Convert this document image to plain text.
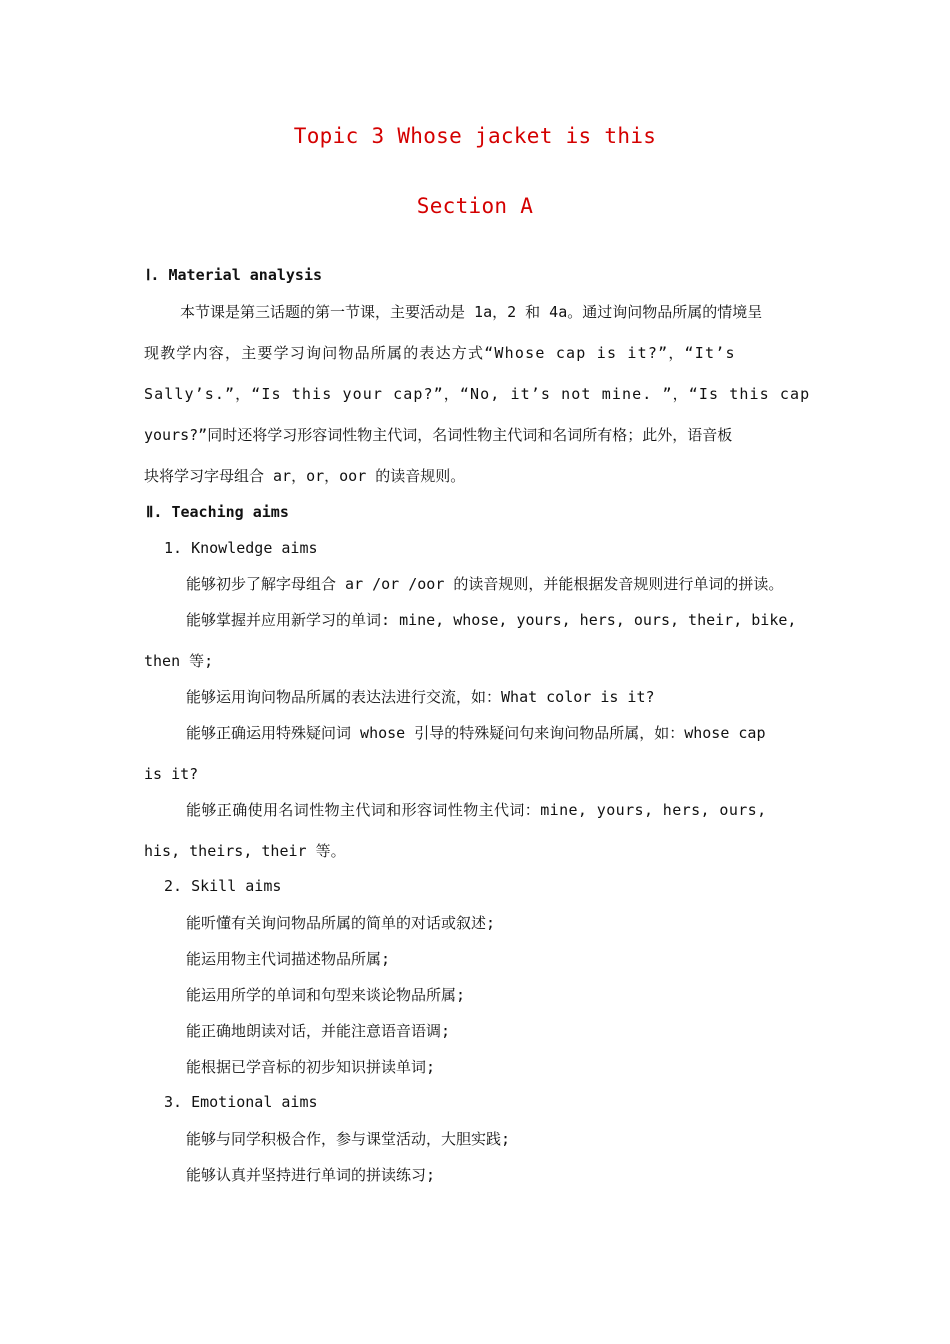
Topic 3 Whose jacket is this
Section A
Ⅰ. Material analysis
本节课是第三话题的第一节课，主要活动是 1a，2 和 4a。通过询问物品所属的情境呈
现教学内容，主要学习询问物品所属的表达方式“Whose cap is it?”，“It’s
Sally’s.”，“Is this your cap?”，“No, it’s not mine. ”，“Is this cap
yours?”同时还将学习形容词性物主代词，名词性物主代词和名词所有格；此外，语音板
块将学习字母组合 ar，or，oor 的读音规则。
Ⅱ. Teaching aims
1. Knowledge aims
能够初步了解字母组合 ar /or /oor 的读音规则，并能根据发音规则进行单词的拼读。
能够掌握并应用新学习的单词: mine, whose, yours, hers, ours, their, bike,
then 等;
能够运用询问物品所属的表达法进行交流，如：What color is it?
能够正确运用特殊疑问词 whose 引导的特殊疑问句来询问物品所属，如：whose cap
is it?
能够正确使用名词性物主代词和形容词性物主代词：mine, yours, hers, ours,
his, theirs, their 等。
2. Skill aims
能听懂有关询问物品所属的简单的对话或叙述;
能运用物主代词描述物品所属;
能运用所学的单词和句型来谈论物品所属;
能正确地朗读对话，并能注意语音语调;
能根据已学音标的初步知识拼读单词;
3. Emotional aims
能够与同学积极合作，参与课堂活动，大胆实践;
能够认真并坚持进行单词的拼读练习;
